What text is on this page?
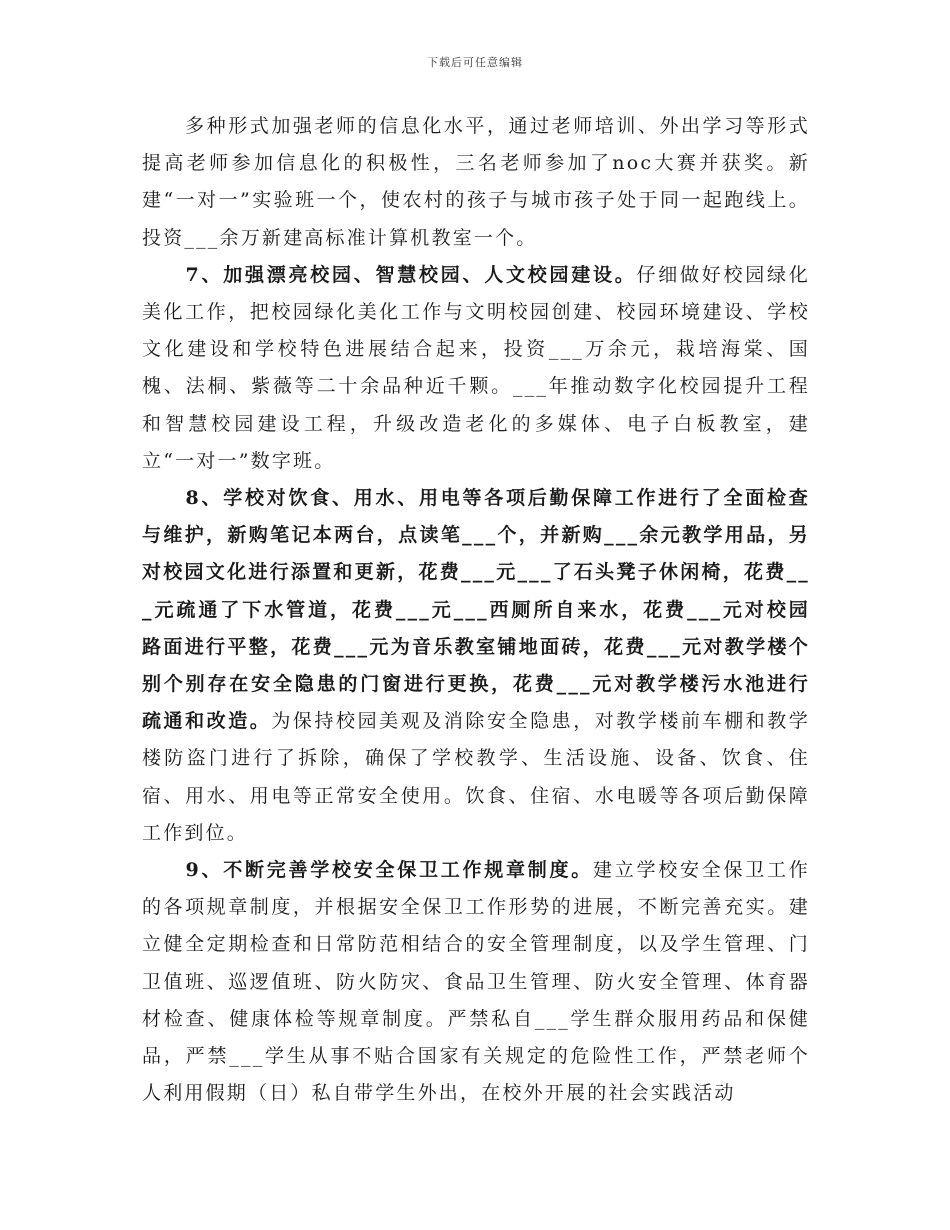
下载后可任意编辑

　　多种形式加强老师的信息化水平，通过老师培训、外出学习等形式提高老师参加信息化的积极性，三名老师参加了noc大赛并获奖。新建“一对一”实验班一个，使农村的孩子与城市孩子处于同一起跑线上。投资___余万新建高标准计算机教室一个。

　　7、加强漂亮校园、智慧校园、人文校园建设。仔细做好校园绿化美化工作，把校园绿化美化工作与文明校园创建、校园环境建设、学校文化建设和学校特色进展结合起来，投资___万余元，栽培海棠、国槐、法桐、紫薇等二十余品种近千颗。___年推动数字化校园提升工程和智慧校园建设工程，升级改造老化的多媒体、电子白板教室，建立“一对一”数字班。

　　8、学校对饮食、用水、用电等各项后勤保障工作进行了全面检查与维护，新购笔记本两台，点读笔___个，并新购___余元教学用品，另对校园文化进行添置和更新，花费___元___了石头凳子休闲椅，花费___元疏通了下水管道，花费___元___西厕所自来水，花费___元对校园路面进行平整，花费___元为音乐教室铺地面砖，花费___元对教学楼个别个别存在安全隐患的门窗进行更换，花费___元对教学楼污水池进行疏通和改造。为保持校园美观及消除安全隐患，对教学楼前车棚和教学楼防盗门进行了拆除，确保了学校教学、生活设施、设备、饮食、住宿、用水、用电等正常安全使用。饮食、住宿、水电暖等各项后勤保障工作到位。

　　9、不断完善学校安全保卫工作规章制度。建立学校安全保卫工作的各项规章制度，并根据安全保卫工作形势的进展，不断完善充实。建立健全定期检查和日常防范相结合的安全管理制度，以及学生管理、门卫值班、巡逻值班、防火防灾、食品卫生管理、防火安全管理、体育器材检查、健康体检等规章制度。严禁私自___学生群众服用药品和保健品，严禁___学生从事不贴合国家有关规定的危险性工作，严禁老师个人利用假期（日）私自带学生外出，在校外开展的社会实践活动
